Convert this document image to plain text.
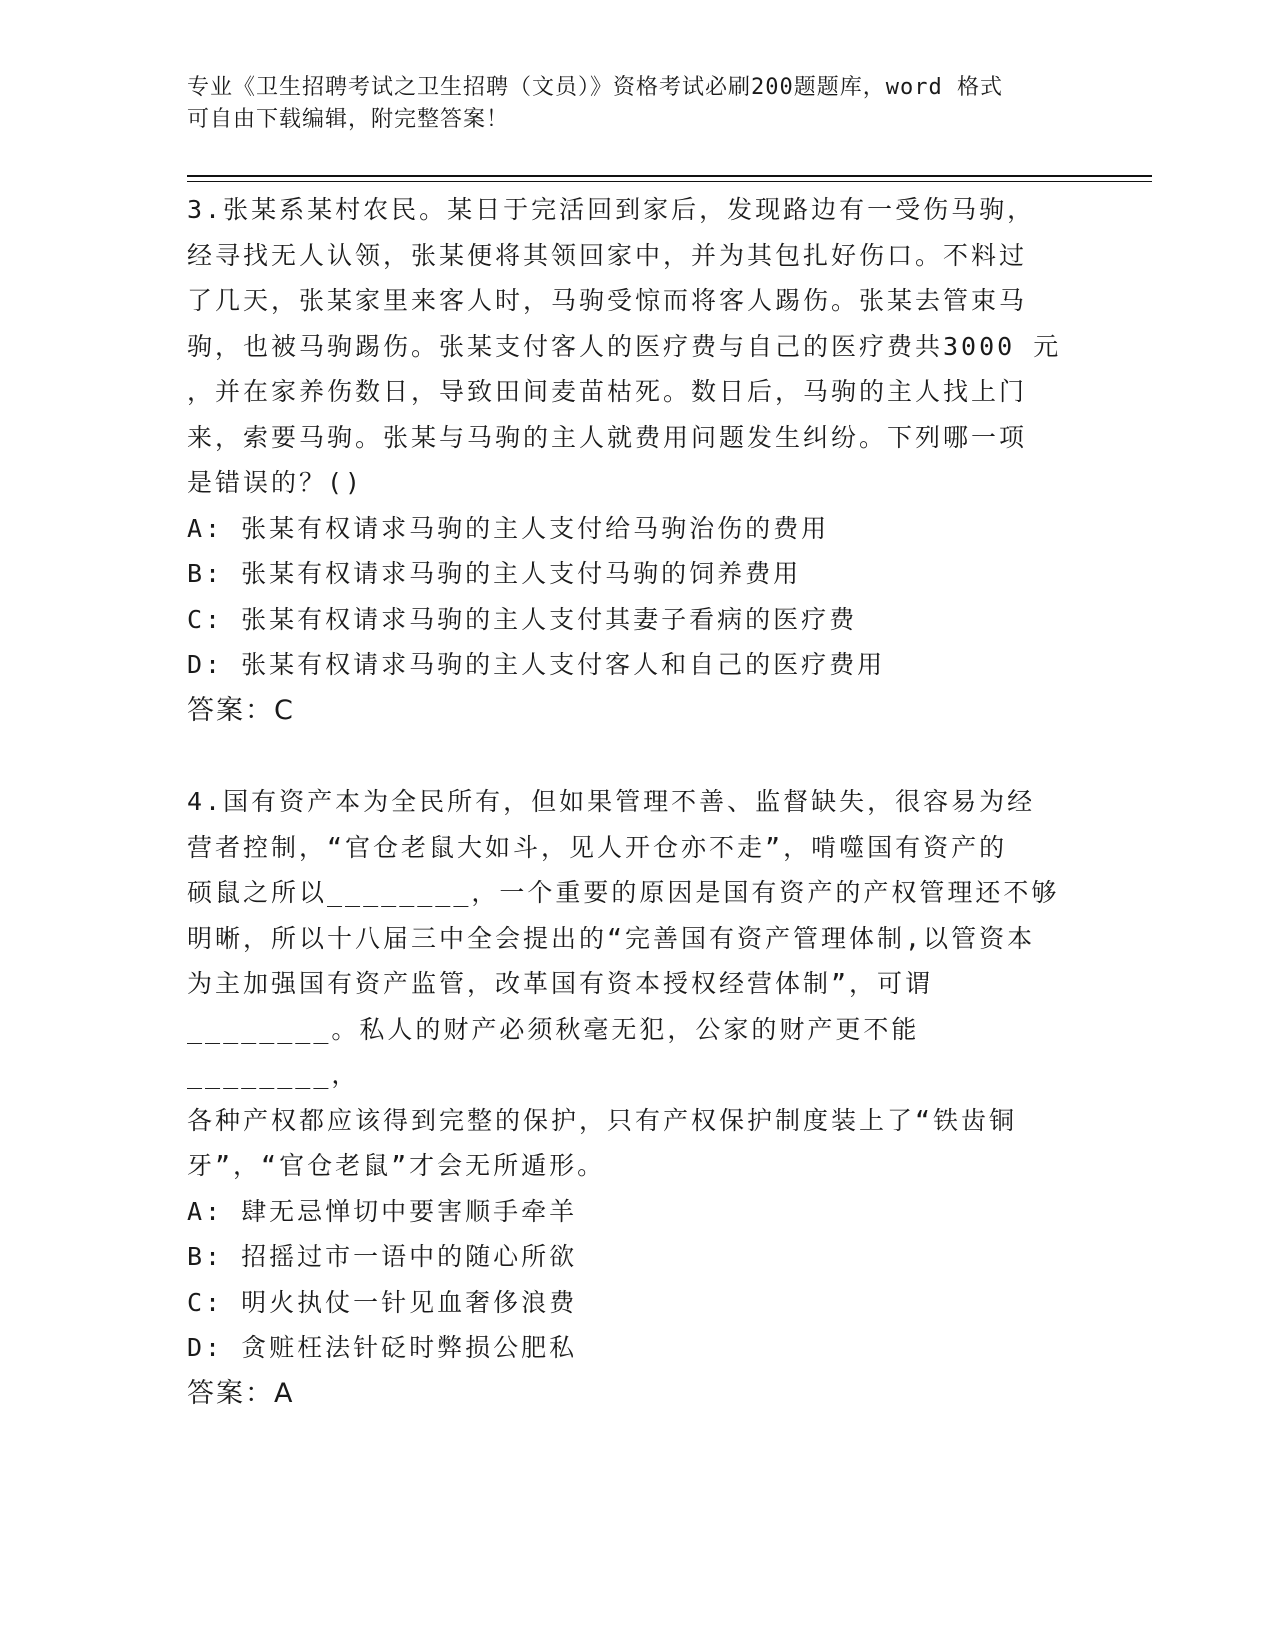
专业《卫生招聘考试之卫生招聘（文员）》资格考试必刷200题题库，word 格式
可自由下载编辑，附完整答案！
3.张某系某村农民。某日于完活回到家后，发现路边有一受伤马驹，
经寻找无人认领，张某便将其领回家中，并为其包扎好伤口。不料过
了几天，张某家里来客人时，马驹受惊而将客人踢伤。张某去管束马
驹，也被马驹踢伤。张某支付客人的医疗费与自己的医疗费共3000 元
，并在家养伤数日，导致田间麦苗枯死。数日后，马驹的主人找上门
来，索要马驹。张某与马驹的主人就费用问题发生纠纷。下列哪一项
是错误的？()
A: 张某有权请求马驹的主人支付给马驹治伤的费用
B: 张某有权请求马驹的主人支付马驹的饲养费用
C: 张某有权请求马驹的主人支付其妻子看病的医疗费
D: 张某有权请求马驹的主人支付客人和自己的医疗费用
答案：C
4.国有资产本为全民所有，但如果管理不善、监督缺失，很容易为经
营者控制，“官仓老鼠大如斗，见人开仓亦不走”，啃噬国有资产的
硕鼠之所以________，一个重要的原因是国有资产的产权管理还不够
明晰，所以十八届三中全会提出的“完善国有资产管理体制,以管资本
为主加强国有资产监管，改革国有资本授权经营体制”，可谓
________。私人的财产必须秋毫无犯，公家的财产更不能________，
各种产权都应该得到完整的保护，只有产权保护制度装上了“铁齿铜
牙”，“官仓老鼠”才会无所遁形。
A: 肆无忌惮切中要害顺手牵羊
B: 招摇过市一语中的随心所欲
C: 明火执仗一针见血奢侈浪费
D: 贪赃枉法针砭时弊损公肥私
答案：A
